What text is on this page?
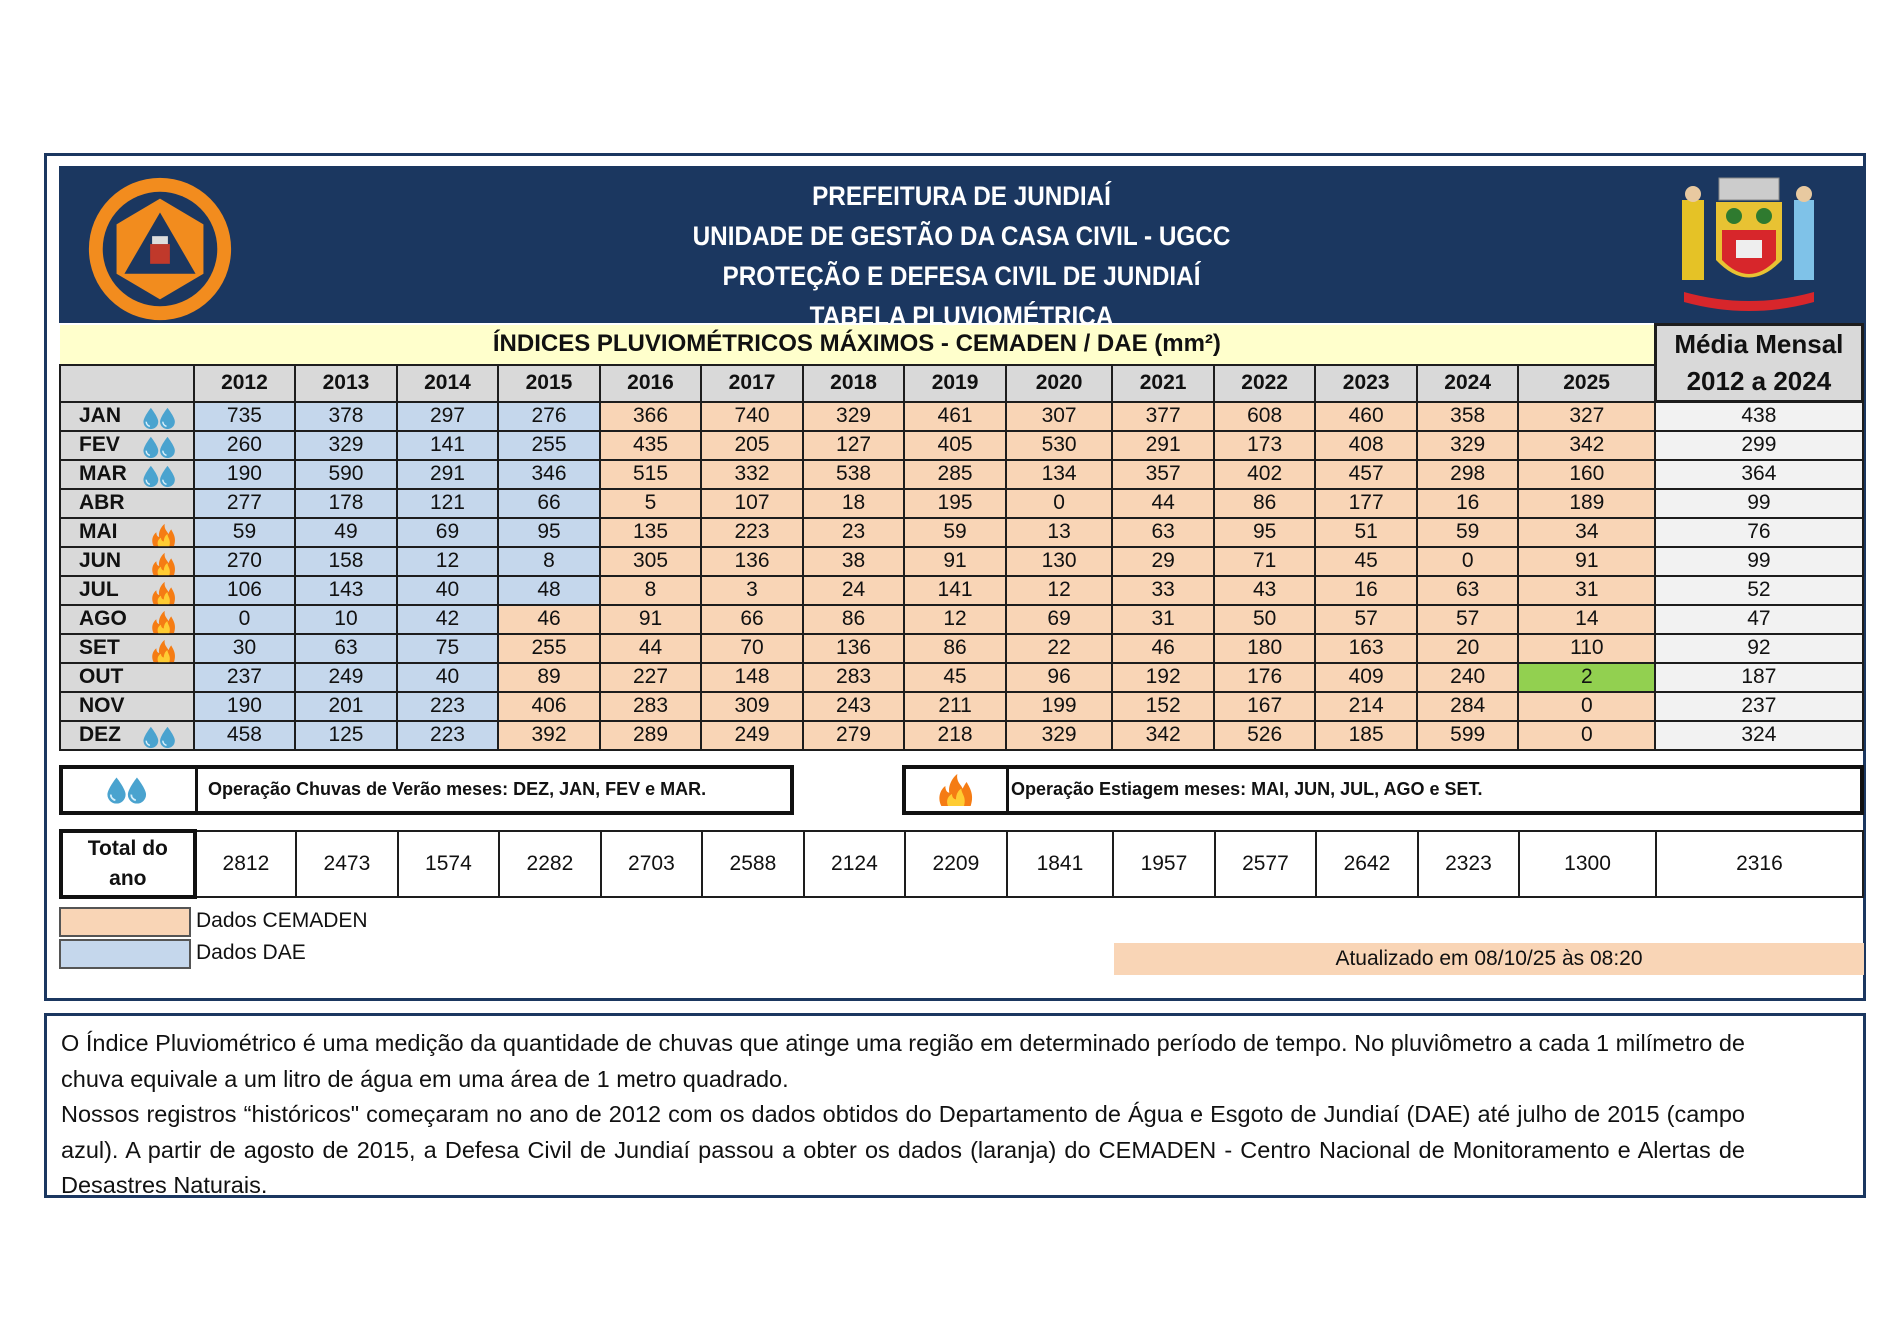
PREFEITURA DE JUNDIAÍ
UNIDADE DE GESTÃO DA CASA CIVIL - UGCC
PROTEÇÃO E DEFESA CIVIL DE JUNDIAÍ
TABELA PLUVIOMÉTRICA
ÍNDICES PLUVIOMÉTRICOS MÁXIMOS - CEMADEN / DAE (mm²)															Média Mensal
2012 a 2024

	2012	2013	2014	2015	2016	2017	2018	2019	2020	2021	2022	2023	2024	2025	
JAN	735	378	297	276	366	740	329	461	307	377	608	460	358	327	438
FEV	260	329	141	255	435	205	127	405	530	291	173	408	329	342	299
MAR	190	590	291	346	515	332	538	285	134	357	402	457	298	160	364
ABR	277	178	121	66	5	107	18	195	0	44	86	177	16	189	99
MAI	59	49	69	95	135	223	23	59	13	63	95	51	59	34	76
JUN	270	158	12	8	305	136	38	91	130	29	71	45	0	91	99
JUL	106	143	40	48	8	3	24	141	12	33	43	16	63	31	52
AGO	0	10	42	46	91	66	86	12	69	31	50	57	57	14	47
SET	30	63	75	255	44	70	136	86	22	46	180	163	20	110	92
OUT	237	249	40	89	227	148	283	45	96	192	176	409	240	2	187
NOV	190	201	223	406	283	309	243	211	199	152	167	214	284	0	237
DEZ	458	125	223	392	289	249	279	218	329	342	526	185	599	0	324
Operação Chuvas de Verão meses: DEZ, JAN, FEV e MAR.	Operação Estiagem meses: MAI, JUN, JUL, AGO e SET.
Total do
ano
	2812	2473	1574	2282	2703	2588	2124	2209	1841	1957	2577	2642	2323	1300	2316
Dados CEMADEN
Dados DAE	Atualizado em 08/10/25 às 08:20

O Índice Pluviométrico é uma medição da quantidade de chuvas que atinge uma região em determinado período de tempo. No pluviômetro a cada 1 milímetro de chuva equivale a um litro de água em uma área de 1 metro quadrado.

Nossos registros “históricos" começaram no ano de 2012 com os dados obtidos do Departamento de Água e Esgoto de Jundiaí (DAE) até julho de 2015 (campo azul). A partir de agosto de 2015, a Defesa Civil de Jundiaí passou a obter os dados (laranja) do CEMADEN - Centro Nacional de Monitoramento e Alertas de Desastres Naturais.
